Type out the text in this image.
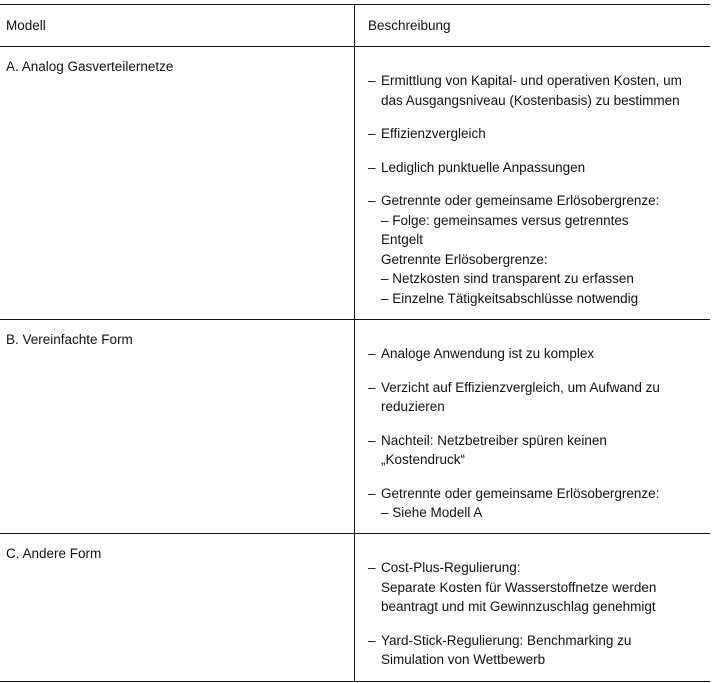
Modell	Beschreibung
A. Analog Gasverteilernetze
– Ermittlung von Kapital- und operativen Kosten, um
das Ausgangsniveau (Kostenbasis) zu bestimmen
– Effizienzvergleich
– Lediglich punktuelle Anpassungen
– Getrennte oder gemeinsame Erlösobergrenze:
– Folge: gemeinsames versus getrenntes
Entgelt
Getrennte Erlösobergrenze:
– Netzkosten sind transparent zu erfassen
– Einzelne Tätigkeitsabschlüsse notwendig
B. Vereinfachte Form
– Analoge Anwendung ist zu komplex
– Verzicht auf Effizienzvergleich, um Aufwand zu
reduzieren
– Nachteil: Netzbetreiber spüren keinen
„Kostendruck“
– Getrennte oder gemeinsame Erlösobergrenze:
– Siehe Modell A
C. Andere Form
– Cost-Plus-Regulierung:
Separate Kosten für Wasserstoffnetze werden
beantragt und mit Gewinnzuschlag genehmigt
– Yard-Stick-Regulierung: Benchmarking zu
Simulation von Wettbewerb
